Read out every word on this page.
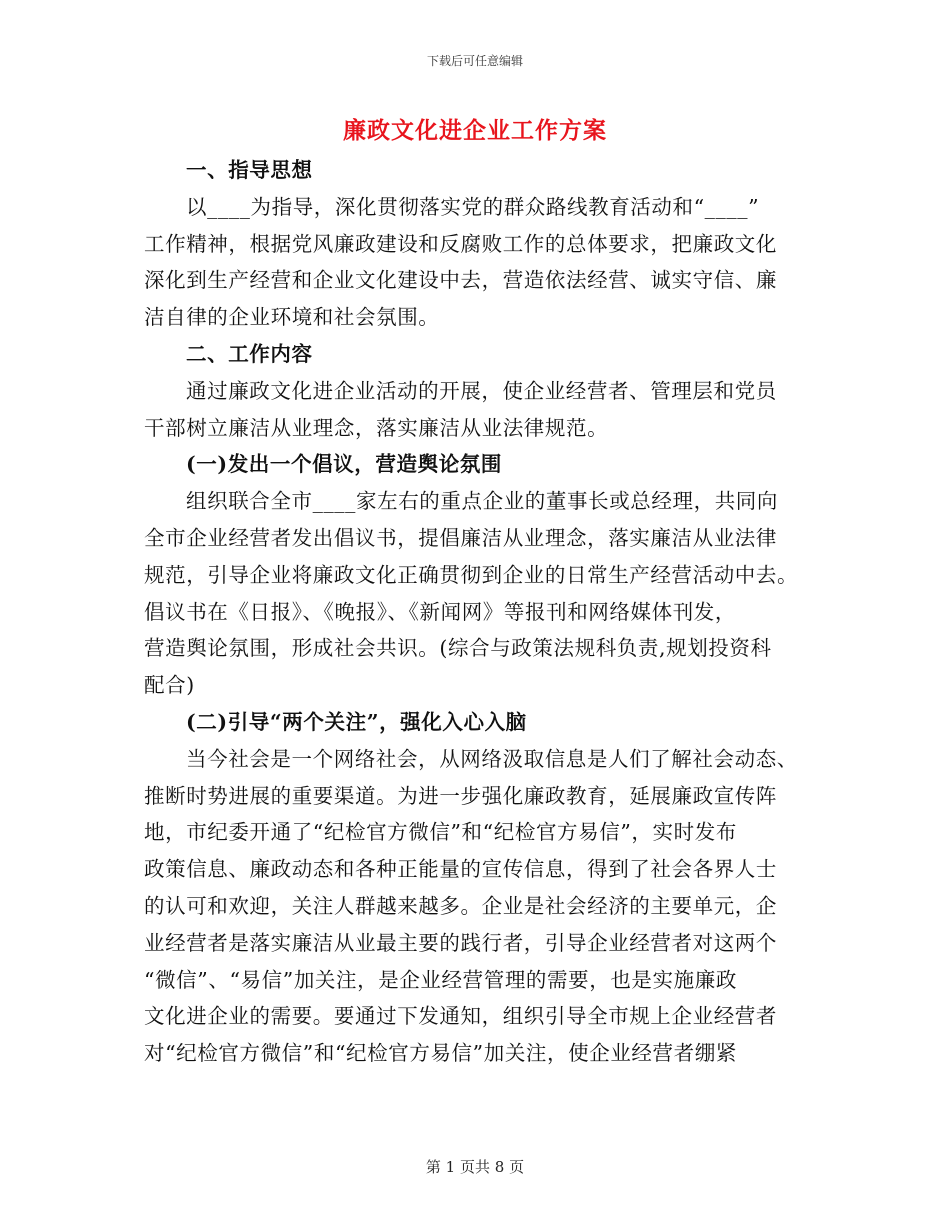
下载后可任意编辑
廉政文化进企业工作方案
一、指导思想
以____为指导，深化贯彻落实党的群众路线教育活动和“____”
工作精神，根据党风廉政建设和反腐败工作的总体要求，把廉政文化
深化到生产经营和企业文化建设中去，营造依法经营、诚实守信、廉
洁自律的企业环境和社会氛围。
二、工作内容
通过廉政文化进企业活动的开展，使企业经营者、管理层和党员
干部树立廉洁从业理念，落实廉洁从业法律规范。
(一)发出一个倡议，营造舆论氛围
组织联合全市____家左右的重点企业的董事长或总经理，共同向
全市企业经营者发出倡议书，提倡廉洁从业理念，落实廉洁从业法律
规范，引导企业将廉政文化正确贯彻到企业的日常生产经营活动中去。
倡议书在《日报》、《晚报》、《新闻网》等报刊和网络媒体刊发，
营造舆论氛围，形成社会共识。(综合与政策法规科负责,规划投资科
配合)
(二)引导“两个关注”，强化入心入脑
当今社会是一个网络社会，从网络汲取信息是人们了解社会动态、
推断时势进展的重要渠道。为进一步强化廉政教育，延展廉政宣传阵
地，市纪委开通了“纪检官方微信”和“纪检官方易信”，实时发布
政策信息、廉政动态和各种正能量的宣传信息，得到了社会各界人士
的认可和欢迎，关注人群越来越多。企业是社会经济的主要单元，企
业经营者是落实廉洁从业最主要的践行者，引导企业经营者对这两个
“微信”、“易信”加关注，是企业经营管理的需要，也是实施廉政
文化进企业的需要。要通过下发通知，组织引导全市规上企业经营者
对“纪检官方微信”和“纪检官方易信”加关注，使企业经营者绷紧
第 1 页共 8 页
